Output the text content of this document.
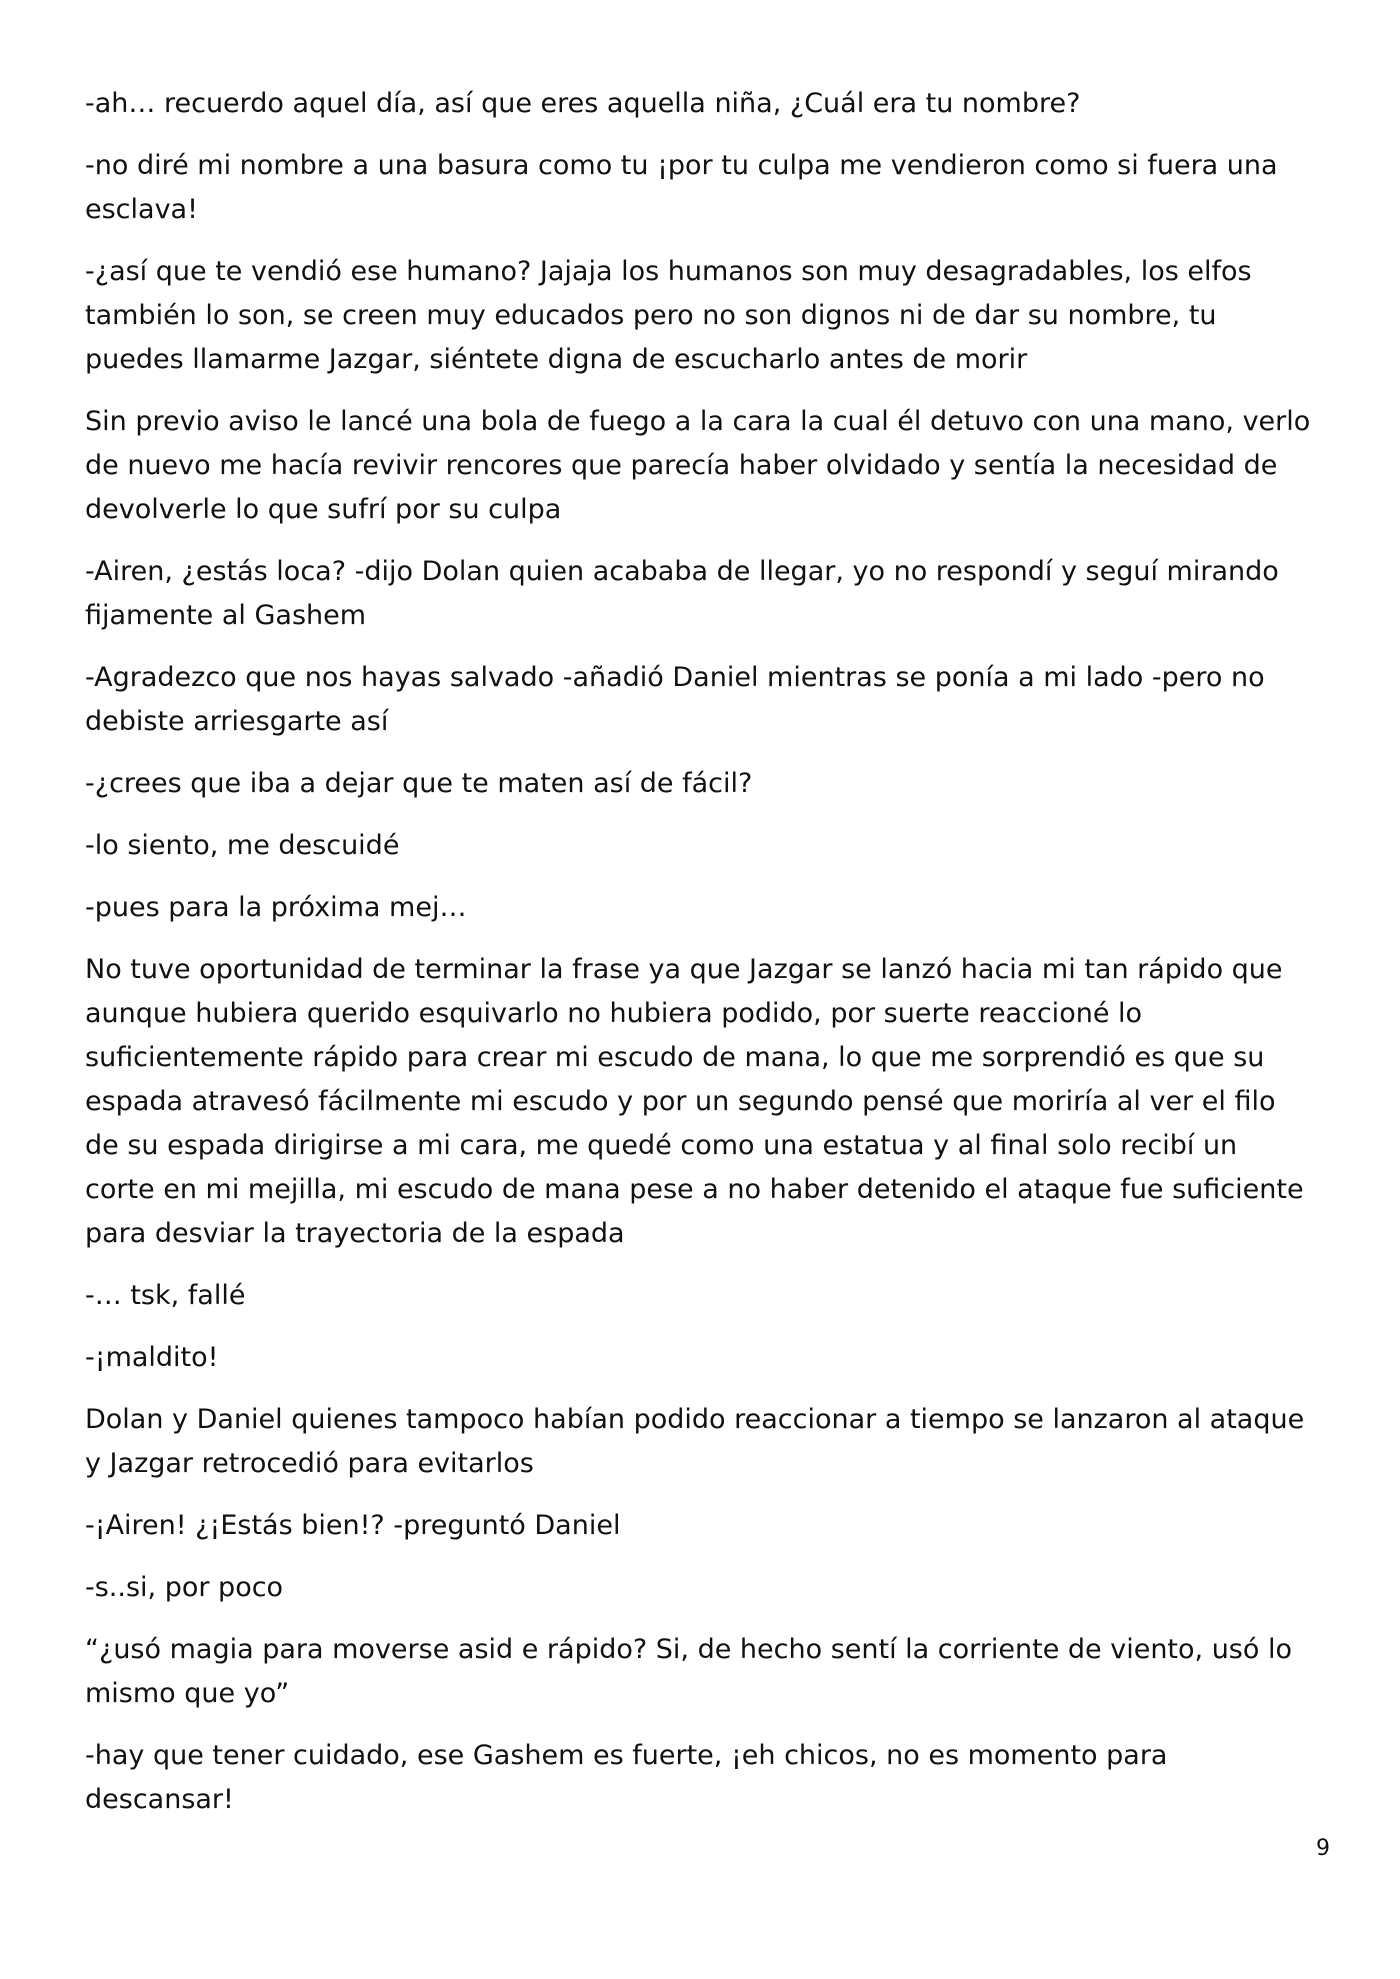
-ah… recuerdo aquel día, así que eres aquella niña, ¿Cuál era tu nombre?

-no diré mi nombre a una basura como tu ¡por tu culpa me vendieron como si fuera una esclava!

-¿así que te vendió ese humano? Jajaja los humanos son muy desagradables, los elfos también lo son, se creen muy educados pero no son dignos ni de dar su nombre, tu puedes llamarme Jazgar, siéntete digna de escucharlo antes de morir

Sin previo aviso le lancé una bola de fuego a la cara la cual él detuvo con una mano, verlo de nuevo me hacía revivir rencores que parecía haber olvidado y sentía la necesidad de devolverle lo que sufrí por su culpa

-Airen, ¿estás loca? -dijo Dolan quien acababa de llegar, yo no respondí y seguí mirando fijamente al Gashem

-Agradezco que nos hayas salvado -añadió Daniel mientras se ponía a mi lado -pero no debiste arriesgarte así

-¿crees que iba a dejar que te maten así de fácil?

-lo siento, me descuidé

-pues para la próxima mej…

No tuve oportunidad de terminar la frase ya que Jazgar se lanzó hacia mi tan rápido que aunque hubiera querido esquivarlo no hubiera podido, por suerte reaccioné lo suficientemente rápido para crear mi escudo de mana, lo que me sorprendió es que su espada atravesó fácilmente mi escudo y por un segundo pensé que moriría al ver el filo de su espada dirigirse a mi cara, me quedé como una estatua y al final solo recibí un corte en mi mejilla, mi escudo de mana pese a no haber detenido el ataque fue suficiente para desviar la trayectoria de la espada

-… tsk, fallé

-¡maldito!

Dolan y Daniel quienes tampoco habían podido reaccionar a tiempo se lanzaron al ataque y Jazgar retrocedió para evitarlos

-¡Airen! ¿¡Estás bien!? -preguntó Daniel

-s..si, por poco

“¿usó magia para moverse asid e rápido? Si, de hecho sentí la corriente de viento, usó lo mismo que yo”

-hay que tener cuidado, ese Gashem es fuerte, ¡eh chicos, no es momento para descansar!

9
